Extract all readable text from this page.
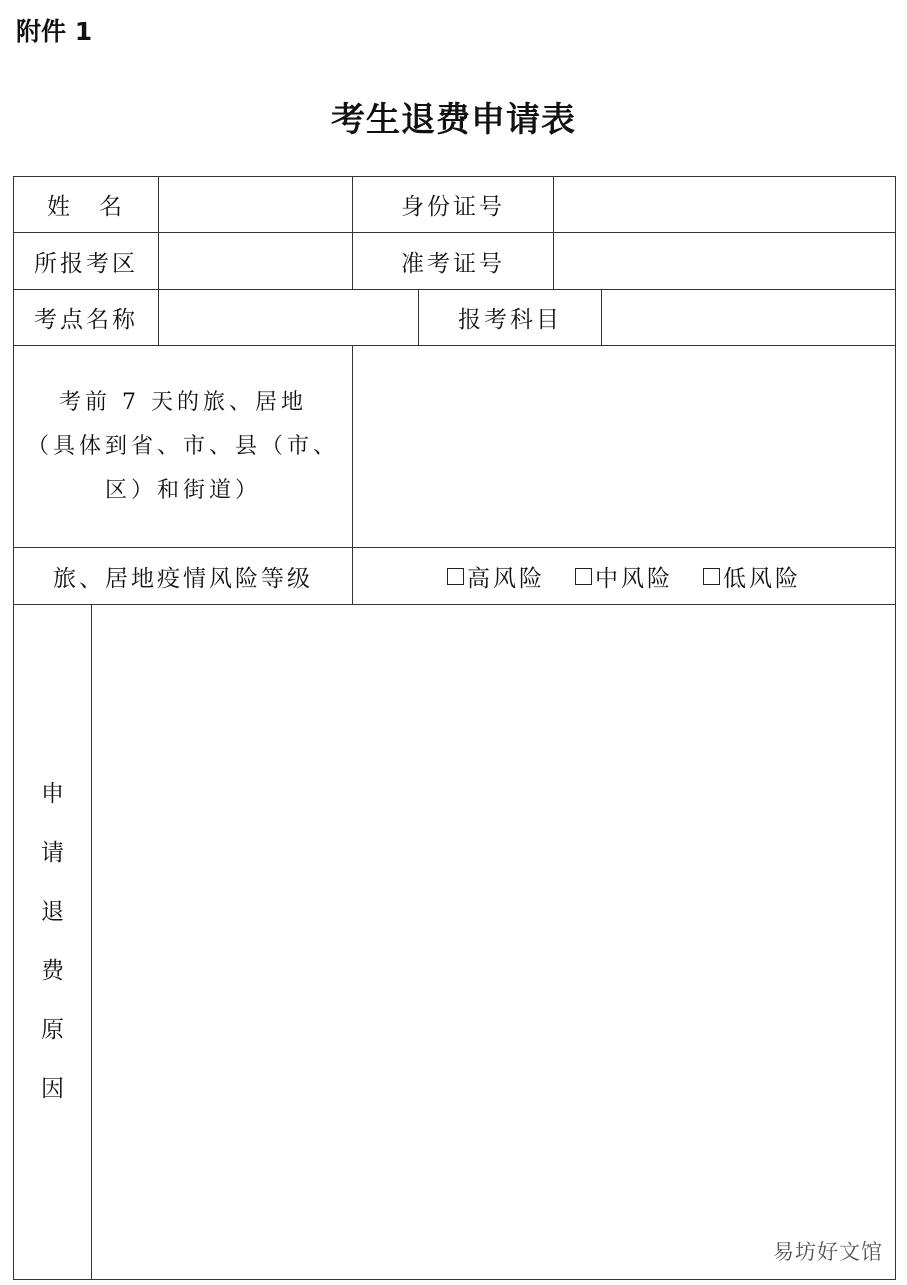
附件 1
考生退费申请表
姓　名	身份证号
所报考区	准考证号
考点名称	报考科目
考前 7 天的旅、居地
（具体到省、市、县（市、
区）和街道）
旅、居地疫情风险等级	高风险 中风险 低风险
申
请
退
费
原
因
易坊好文馆
